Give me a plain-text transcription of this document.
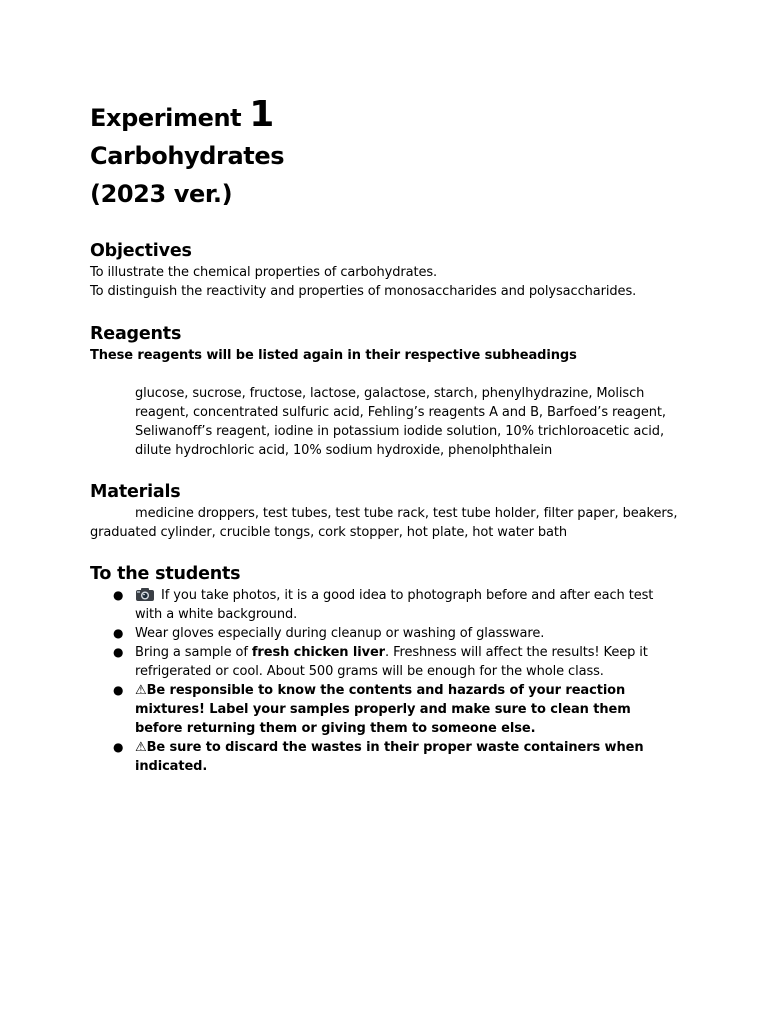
Experiment 1
Carbohydrates
(2023 ver.)
Objectives

To illustrate the chemical properties of carbohydrates.

To distinguish the reactivity and properties of monosaccharides and polysaccharides.

Reagents

These reagents will be listed again in their respective subheadings

glucose, sucrose, fructose, lactose, galactose, starch, phenylhydrazine, Molisch reagent, concentrated sulfuric acid, Fehling’s reagents A and B, Barfoed’s reagent, Seliwanoff’s reagent, iodine in potassium iodide solution, 10% trichloroacetic acid, dilute hydrochloric acid, 10% sodium hydroxide, phenolphthalein

Materials

medicine droppers, test tubes, test tube rack, test tube holder, filter paper, beakers, graduated cylinder, crucible tongs, cork stopper, hot plate, hot water bath

To the students
●	If you take photos, it is a good idea to photograph before and after each test with a white background.
● Wear gloves especially during cleanup or washing of glassware.
● Bring a sample of fresh chicken liver. Freshness will affect the results! Keep it refrigerated or cool. About 500 grams will be enough for the whole class.
● ⚠Be responsible to know the contents and hazards of your reaction mixtures! Label your samples properly and make sure to clean them before returning them or giving them to someone else.
● ⚠Be sure to discard the wastes in their proper waste containers when indicated.
